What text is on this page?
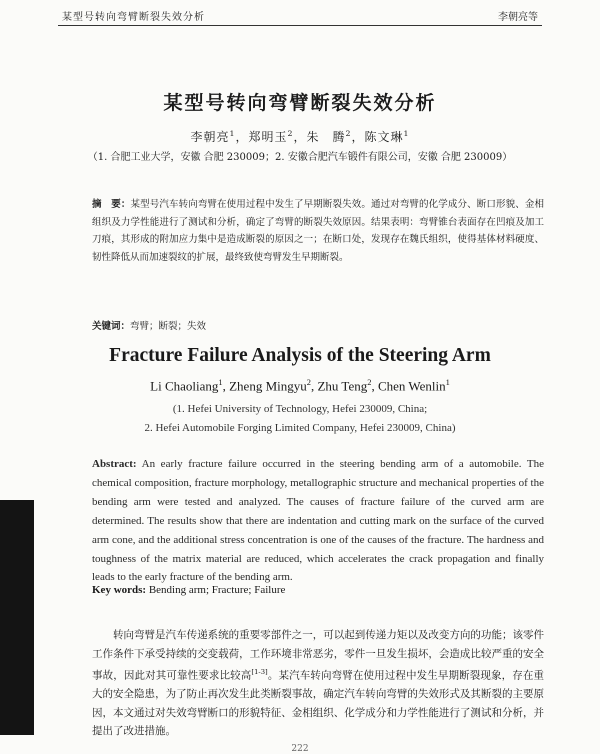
某型号转向弯臂断裂失效分析	李朝亮等
某型号转向弯臂断裂失效分析
李朝亮$^1$，郑明玉$^2$，朱　腾$^2$，陈文琳$^1$
（1. 合肥工业大学，安徽 合肥 230009；2. 安徽合肥汽车锻件有限公司，安徽 合肥 230009）
摘　要：某型号汽车转向弯臂在使用过程中发生了早期断裂失效。通过对弯臂的化学成分、断口形貌、金相组织及力学性能进行了测试和分析，确定了弯臂的断裂失效原因。结果表明：弯臂锥台表面存在凹痕及加工刀痕，其形成的附加应力集中是造成断裂的原因之一；在断口处，发现存在魏氏组织，使得基体材料硬度、韧性降低从而加速裂纹的扩展，最终致使弯臂发生早期断裂。
关键词：弯臂；断裂；失效
Fracture Failure Analysis of the Steering Arm
Li Chaoliang$^1$, Zheng Mingyu$^2$, Zhu Teng$^2$, Chen Wenlin$^1$
(1. Hefei University of Technology, Hefei 230009, China;
2. Hefei Automobile Forging Limited Company, Hefei 230009, China)
Abstract: An early fracture failure occurred in the steering bending arm of a automobile. The chemical composition, fracture morphology, metallographic structure and mechanical properties of the bending arm were tested and analyzed. The causes of fracture failure of the curved arm are determined. The results show that there are indentation and cutting mark on the surface of the curved arm cone, and the additional stress concentration is one of the causes of the fracture. The hardness and toughness of the matrix material are reduced, which accelerates the crack propagation and finally leads to the early fracture of the bending arm.
Key words: Bending arm; Fracture; Failure
转向弯臂是汽车传递系统的重要零部件之一，可以起到传递力矩以及改变方向的功能；该零件工作条件下承受持续的交变载荷，工作环境非常恶劣，零件一旦发生损坏，会造成比较严重的安全事故，因此对其可靠性要求比较高[1-3]。某汽车转向弯臂在使用过程中发生早期断裂现象，存在重大的安全隐患，为了防止再次发生此类断裂事故，确定汽车转向弯臂的失效形式及其断裂的主要原因，本文通过对失效弯臂断口的形貌特征、金相组织、化学成分和力学性能进行了测试和分析，并提出了改进措施。
222
